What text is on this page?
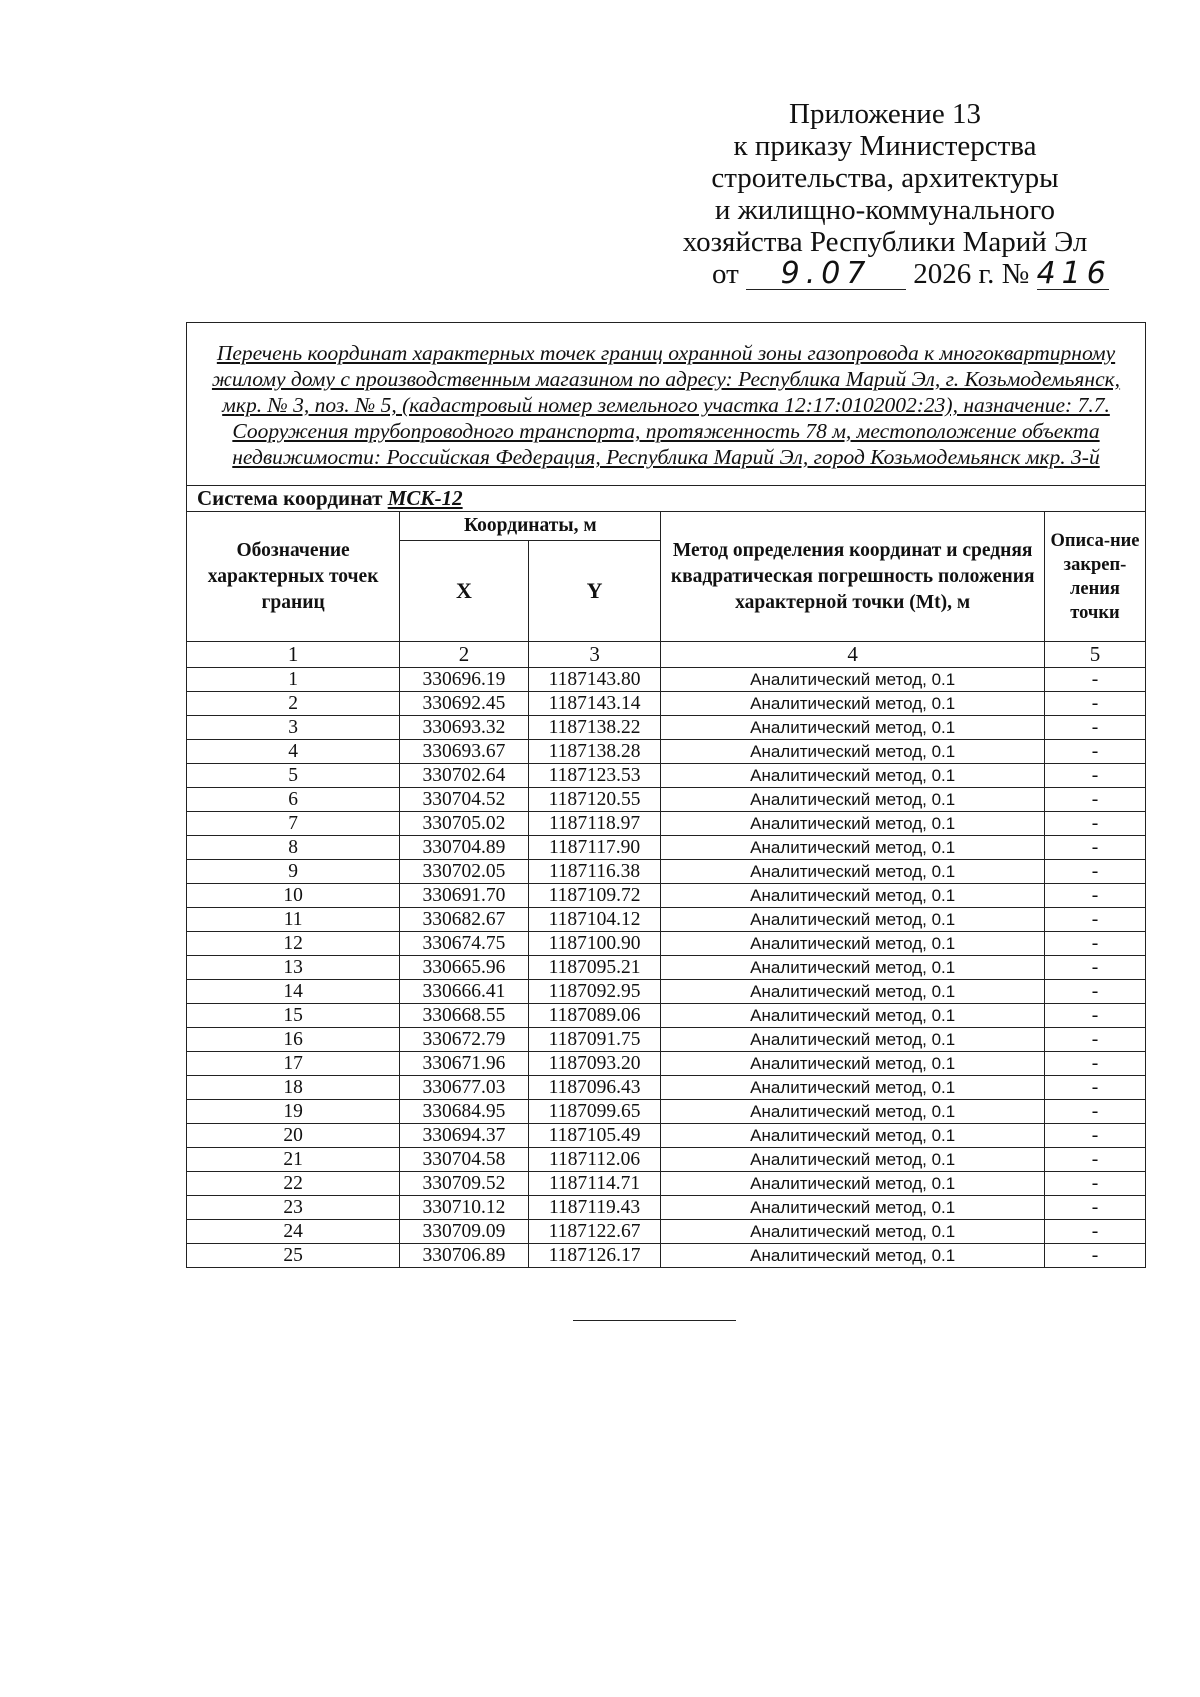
Приложение 13
к приказу Министерства
строительства, архитектуры
и жилищно-коммунального
хозяйства Республики Марий Эл
от 9.07 2026 г. № 416
Перечень координат характерных точек границ охранной зоны газопровода к многоквартирному жилому дому с производственным магазином по адресу: Республика Марий Эл, г. Козьмодемьянск, мкр. № 3, поз. № 5, (кадастровый номер земельного участка 12:17:0102002:23), назначение: 7.7. Сооружения трубопроводного транспорта, протяженность 78 м, местоположение объекта недвижимости: Российская Федерация, Республика Марий Эл, город Козьмодемьянск мкр. 3-й				
Система координат МСК-12				
Обозначение характерных точек границ	Координаты, м		Метод определения координат и средняя квадратическая погрешность положения характерной точки (Mt), м	Описа-ние закреп-ления точки
	X	Y		
1	2	3	4	5
1	330696.19	1187143.80	Аналитический метод, 0.1	-
2	330692.45	1187143.14	Аналитический метод, 0.1	-
3	330693.32	1187138.22	Аналитический метод, 0.1	-
4	330693.67	1187138.28	Аналитический метод, 0.1	-
5	330702.64	1187123.53	Аналитический метод, 0.1	-
6	330704.52	1187120.55	Аналитический метод, 0.1	-
7	330705.02	1187118.97	Аналитический метод, 0.1	-
8	330704.89	1187117.90	Аналитический метод, 0.1	-
9	330702.05	1187116.38	Аналитический метод, 0.1	-
10	330691.70	1187109.72	Аналитический метод, 0.1	-
11	330682.67	1187104.12	Аналитический метод, 0.1	-
12	330674.75	1187100.90	Аналитический метод, 0.1	-
13	330665.96	1187095.21	Аналитический метод, 0.1	-
14	330666.41	1187092.95	Аналитический метод, 0.1	-
15	330668.55	1187089.06	Аналитический метод, 0.1	-
16	330672.79	1187091.75	Аналитический метод, 0.1	-
17	330671.96	1187093.20	Аналитический метод, 0.1	-
18	330677.03	1187096.43	Аналитический метод, 0.1	-
19	330684.95	1187099.65	Аналитический метод, 0.1	-
20	330694.37	1187105.49	Аналитический метод, 0.1	-
21	330704.58	1187112.06	Аналитический метод, 0.1	-
22	330709.52	1187114.71	Аналитический метод, 0.1	-
23	330710.12	1187119.43	Аналитический метод, 0.1	-
24	330709.09	1187122.67	Аналитический метод, 0.1	-
25	330706.89	1187126.17	Аналитический метод, 0.1	-
